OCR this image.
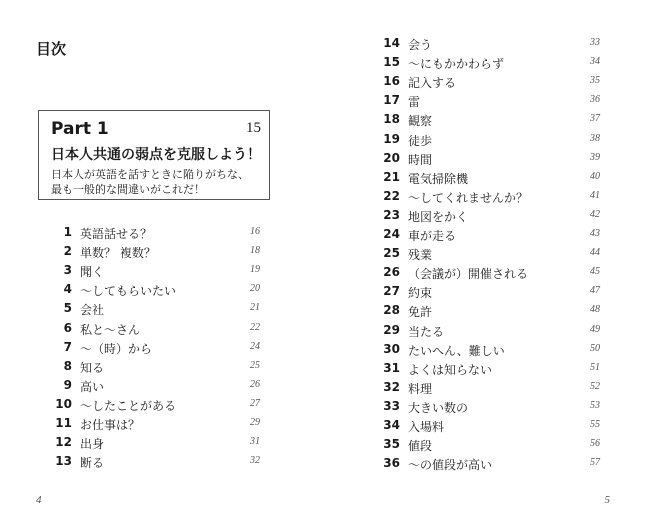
目次
Part 1	15
日本人共通の弱点を克服しよう！
日本人が英語を話すときに陥りがちな、
最も一般的な間違いがこれだ！
1 英語話せる？	16
2 単数？ 複数？	18
3 聞く	19
4 ～してもらいたい	20
5 会社	21
6 私と～さん	22
7 ～（時）から	24
8 知る	25
9 高い	26
10 ～したことがある	27
11 お仕事は？	29
12 出身	31
13 断る	32
14 会う	33
15 ～にもかかわらず	34
16 記入する	35
17 雷	36
18 観察	37
19 徒歩	38
20 時間	39
21 電気掃除機	40
22 ～してくれませんか？	41
23 地図をかく	42
24 車が走る	43
25 残業	44
26 （会議が）開催される	45
27 約束	47
28 免許	48
29 当たる	49
30 たいへん、難しい	50
31 よくは知らない	51
32 料理	52
33 大きい数の	53
34 入場料	55
35 値段	56
36 ～の値段が高い	57
4	5
